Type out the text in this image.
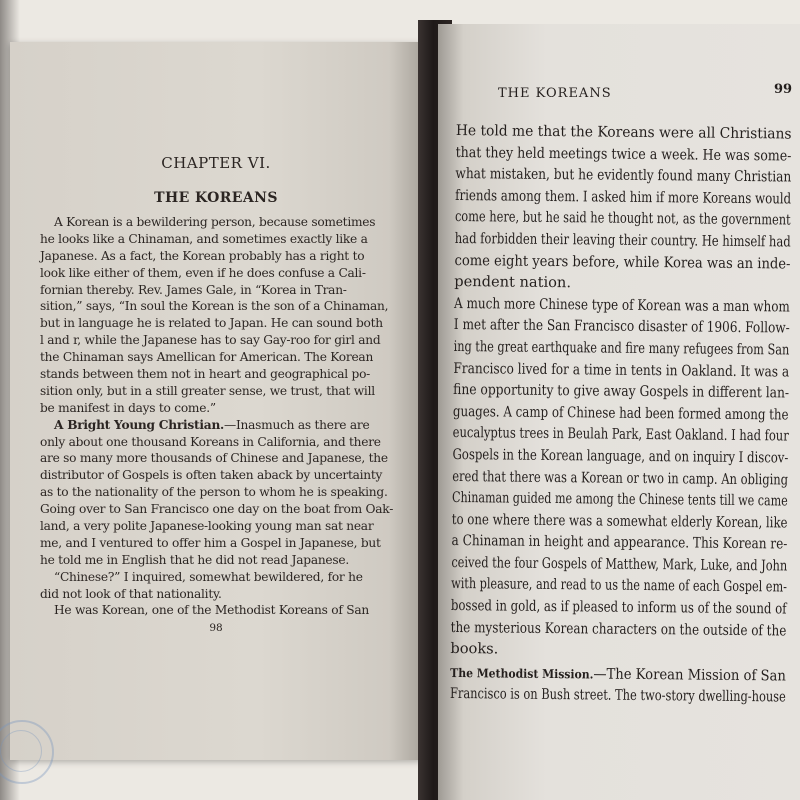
CHAPTER VI.
THE KOREANS
A Korean is a bewildering person, because sometimes
he looks like a Chinaman, and sometimes exactly like a
Japanese. As a fact, the Korean probably has a right to
look like either of them, even if he does confuse a Cali-
fornian thereby. Rev. James Gale, in “Korea in Tran-
sition,” says, “In soul the Korean is the son of a Chinaman,
but in language he is related to Japan. He can sound both
l and r, while the Japanese has to say Gay-roo for girl and
the Chinaman says Amellican for American. The Korean
stands between them not in heart and geographical po-
sition only, but in a still greater sense, we trust, that will
be manifest in days to come.”
A Bright Young Christian.—Inasmuch as there are
only about one thousand Koreans in California, and there
are so many more thousands of Chinese and Japanese, the
distributor of Gospels is often taken aback by uncertainty
as to the nationality of the person to whom he is speaking.
Going over to San Francisco one day on the boat from Oak-
land, a very polite Japanese-looking young man sat near
me, and I ventured to offer him a Gospel in Japanese, but
he told me in English that he did not read Japanese.
“Chinese?” I inquired, somewhat bewildered, for he
did not look of that nationality.
He was Korean, one of the Methodist Koreans of San
98
THE KOREANS	99
He told me that the Koreans were all Christians
that they held meetings twice a week. He was some-
what mistaken, but he evidently found many Christian
friends among them. I asked him if more Koreans would
come here, but he said he thought not, as the government
had forbidden their leaving their country. He himself had
come eight years before, while Korea was an inde-
pendent nation.
A much more Chinese type of Korean was a man whom
I met after the San Francisco disaster of 1906. Follow-
ing the great earthquake and fire many refugees from San
Francisco lived for a time in tents in Oakland. It was a
fine opportunity to give away Gospels in different lan-
guages. A camp of Chinese had been formed among the
eucalyptus trees in Beulah Park, East Oakland. I had four
Gospels in the Korean language, and on inquiry I discov-
ered that there was a Korean or two in camp. An obliging
Chinaman guided me among the Chinese tents till we came
to one where there was a somewhat elderly Korean, like
a Chinaman in height and appearance. This Korean re-
ceived the four Gospels of Matthew, Mark, Luke, and John
with pleasure, and read to us the name of each Gospel em-
bossed in gold, as if pleased to inform us of the sound of
the mysterious Korean characters on the outside of the
books.
The Methodist Mission.—The Korean Mission of San
Francisco is on Bush street. The two-story dwelling-house
